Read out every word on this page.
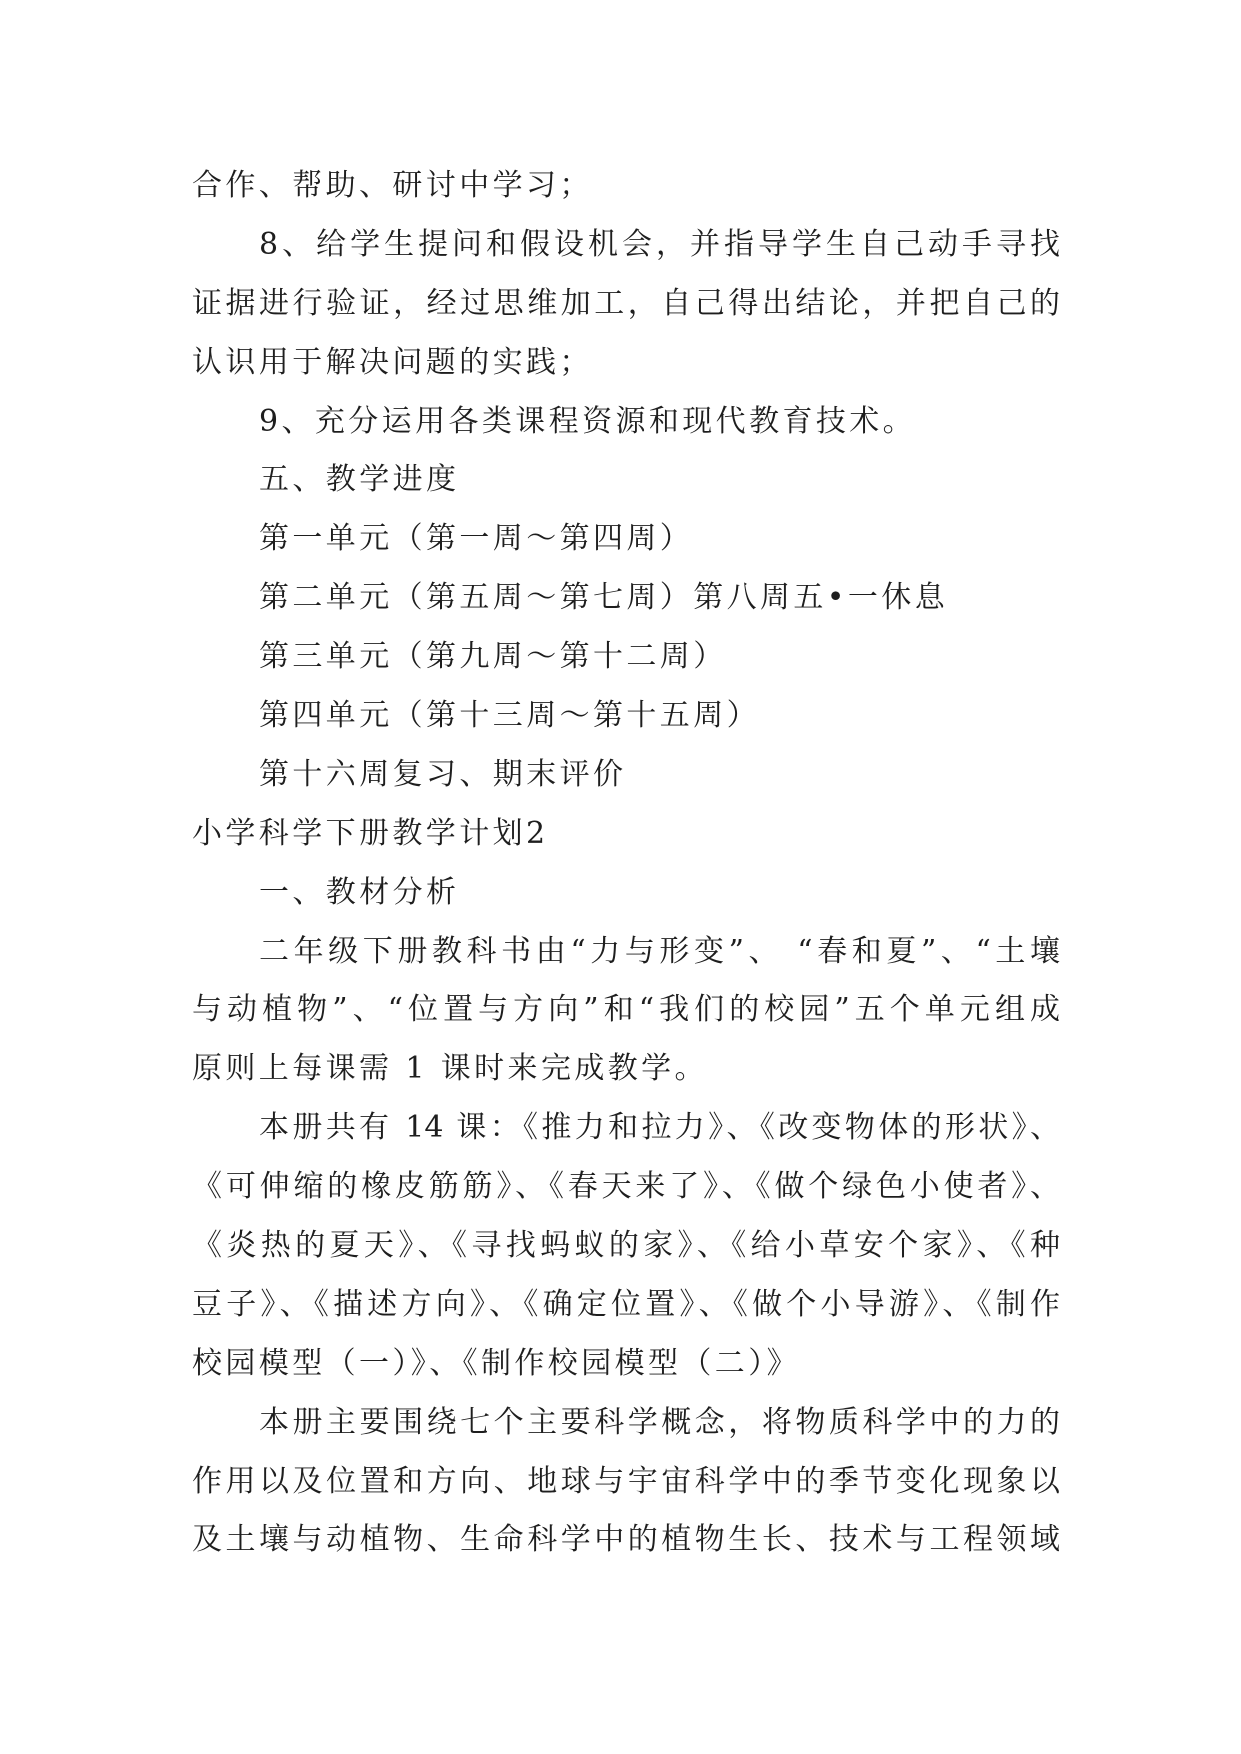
合作、帮助、研讨中学习；
8、给学生提问和假设机会，并指导学生自己动手寻找
证据进行验证，经过思维加工，自己得出结论，并把自己的
认识用于解决问题的实践；
9、充分运用各类课程资源和现代教育技术。
五、教学进度
第一单元（第一周～第四周）
第二单元（第五周～第七周）第八周五•一休息
第三单元（第九周～第十二周）
第四单元（第十三周～第十五周）
第十六周复习、期末评价
小学科学下册教学计划2
一、教材分析
二年级下册教科书由“力与形变”、 “春和夏”、“土壤
与动植物”、“位置与方向”和“我们的校园”五个单元组成
原则上每课需 1 课时来完成教学。
本册共有 14 课：《推力和拉力》、《改变物体的形状》、
《可伸缩的橡皮筋筋》、《春天来了》、《做个绿色小使者》、
《炎热的夏天》、《寻找蚂蚁的家》、《给小草安个家》、《种
豆子》、《描述方向》、《确定位置》、《做个小导游》、《制作
校园模型（一）》、《制作校园模型（二）》
本册主要围绕七个主要科学概念，将物质科学中的力的
作用以及位置和方向、地球与宇宙科学中的季节变化现象以
及土壤与动植物、生命科学中的植物生长、技术与工程领域
